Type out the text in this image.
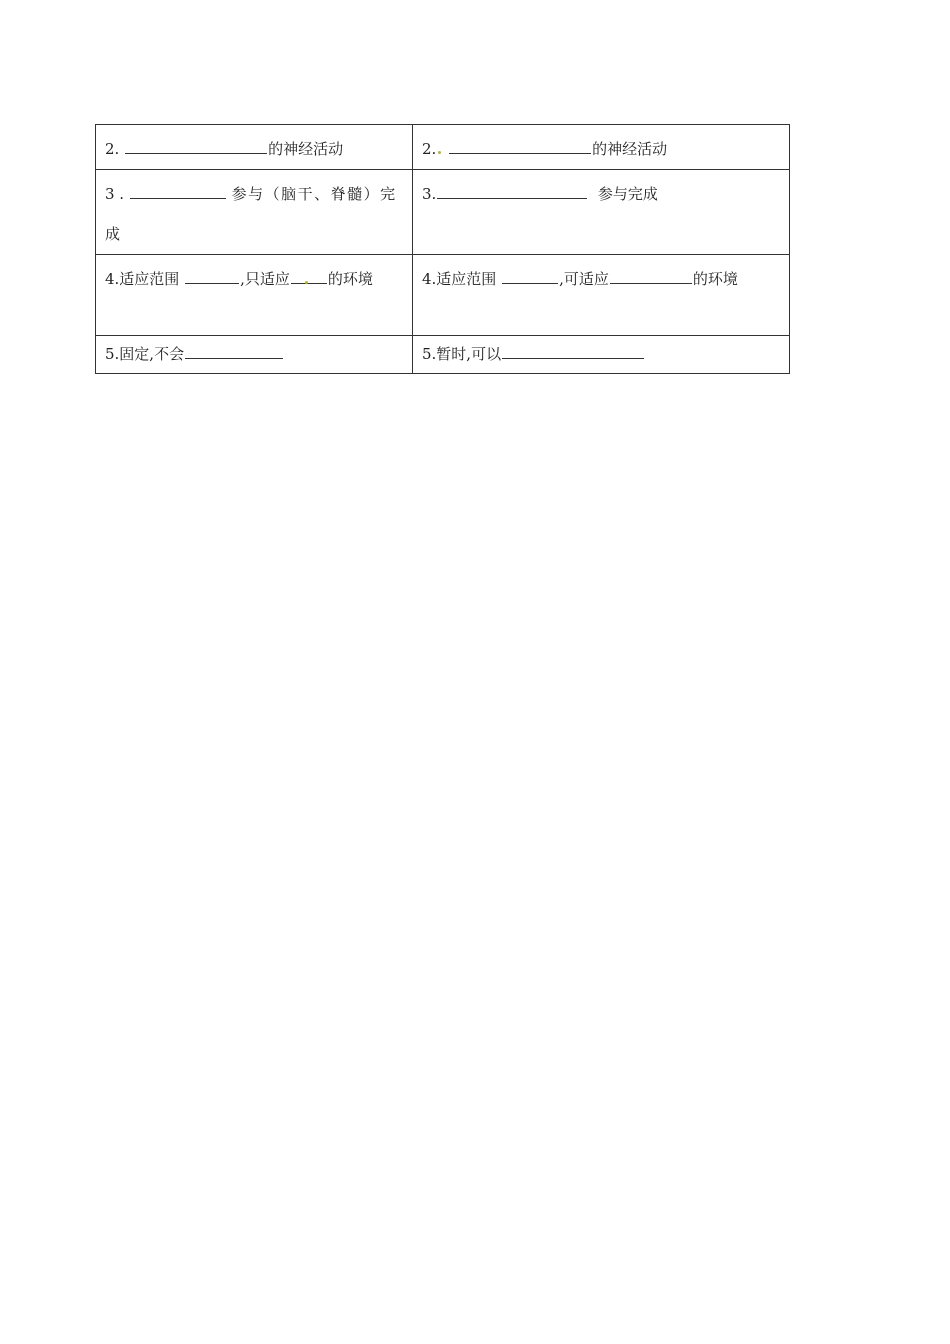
2. 的神经活动	2. 的神经活动
3 . 参与（脑干、脊髓）完成	3. 参与完成
4.适应范围 ,只适应 的环境	4.适应范围 ,可适应 的环境
5.固定,不会	5.暂时,可以
